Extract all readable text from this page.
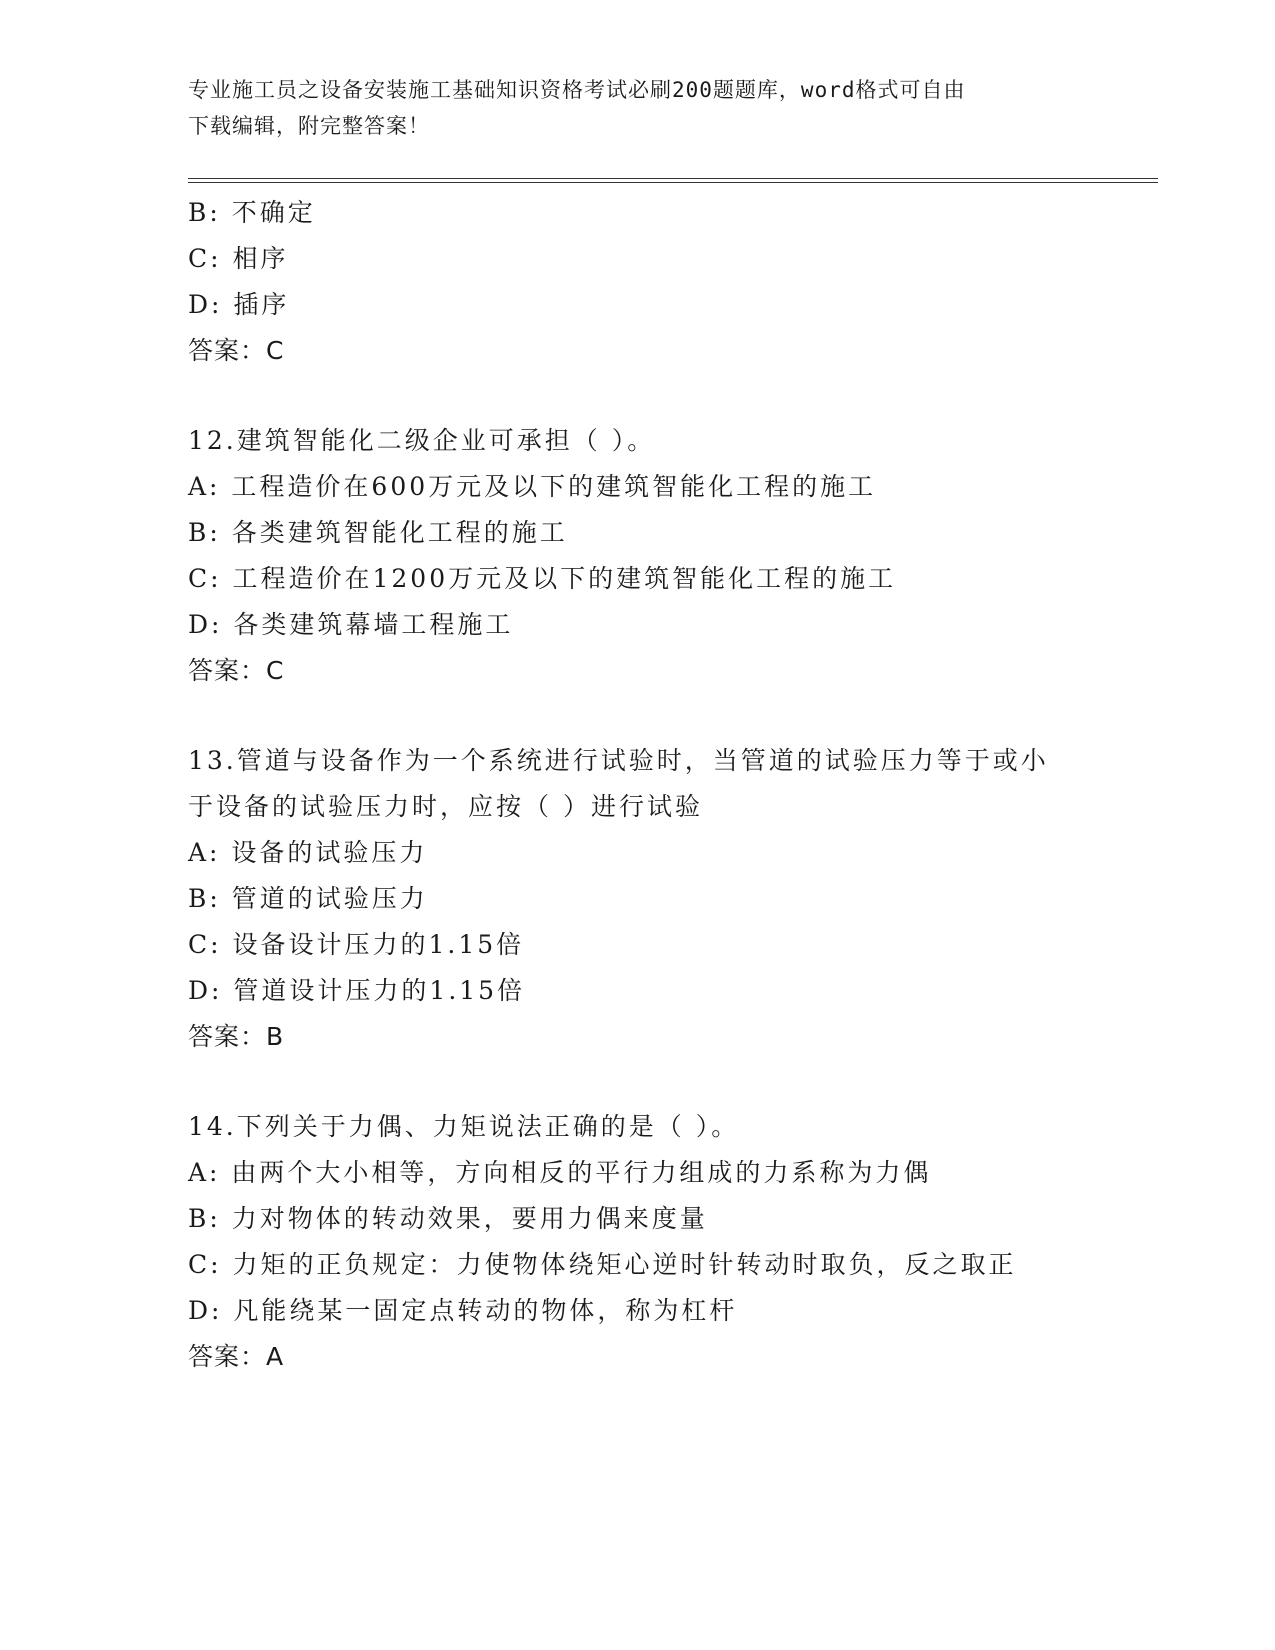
专业施工员之设备安装施工基础知识资格考试必刷200题题库，word格式可自由
下载编辑，附完整答案！
B: 不确定
C: 相序
D: 插序
答案：C
12.建筑智能化二级企业可承担（ ）。
A: 工程造价在600万元及以下的建筑智能化工程的施工
B: 各类建筑智能化工程的施工
C: 工程造价在1200万元及以下的建筑智能化工程的施工
D: 各类建筑幕墙工程施工
答案：C
13.管道与设备作为一个系统进行试验时，当管道的试验压力等于或小
于设备的试验压力时，应按（ ）进行试验
A: 设备的试验压力
B: 管道的试验压力
C: 设备设计压力的1.15倍
D: 管道设计压力的1.15倍
答案：B
14.下列关于力偶、力矩说法正确的是（ ）。
A: 由两个大小相等，方向相反的平行力组成的力系称为力偶
B: 力对物体的转动效果，要用力偶来度量
C: 力矩的正负规定：力使物体绕矩心逆时针转动时取负，反之取正
D: 凡能绕某一固定点转动的物体，称为杠杆
答案：A
